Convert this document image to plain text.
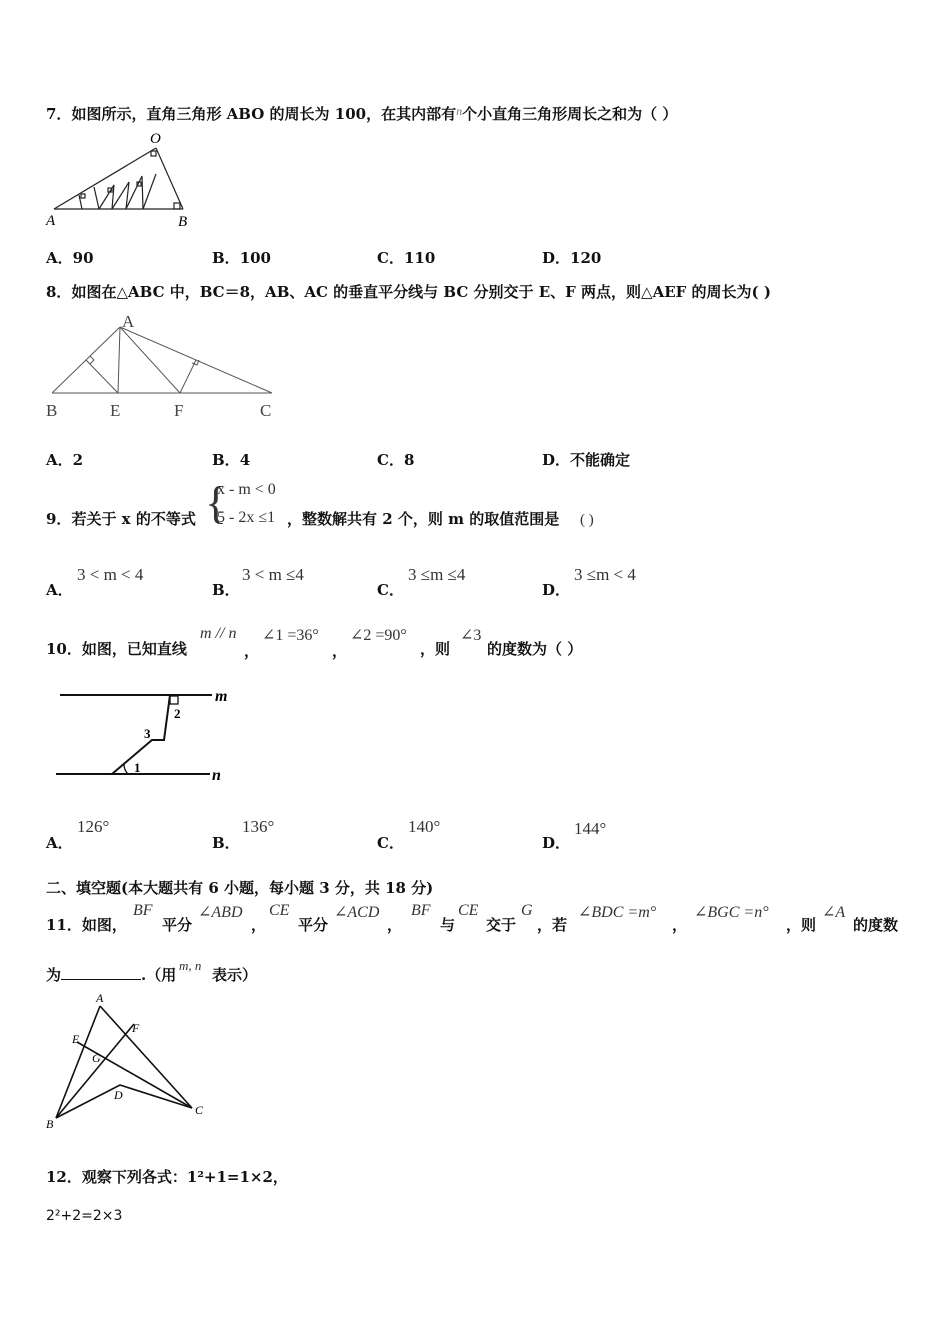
7．如图所示，直角三角形 ABO 的周长为 100，在其内部有$^n$个小直角三角形周长之和为（ ）
O
A	B
A．90	B．100	C．110	D．120
8．如图在△ABC 中，BC＝8，AB、AC 的垂直平分线与 BC 分别交于 E、F 两点，则△AEF 的周长为( )
A
B	E	F	C
A．2	B．4	C．8	D．不能确定
9．若关于 x 的不等式 {
x - m < 0
5 - 2x ≤1 ，整数解共有 2 个，则 m 的取值范围是 ( )
A．
3 < m < 4
B．
3 < m ≤4
C．
3 ≤m ≤4
D．
3 ≤m < 4
10．如图，已知直线
m // n
，
∠1 =36°
，
∠2 =90°
，则
∠3
的度数为（ ）
m
n
1
2
3
A．
126°
B．
136°
C．
140°
D．
144°
二、填空题(本大题共有 6 小题，每小题 3 分，共 18 分)
11．如图，
BF
平分
∠ABD
，
CE
平分
∠ACD
，
BF
与
CE
交于
G
，若
∠BDC =m°
，
∠BGC =n°
，则
∠A
的度数
为	.（用
m, n
表示）
A
E
F
G
D
B
C
12．观察下列各式：1²+1=1×2，
2²+2=2×3
